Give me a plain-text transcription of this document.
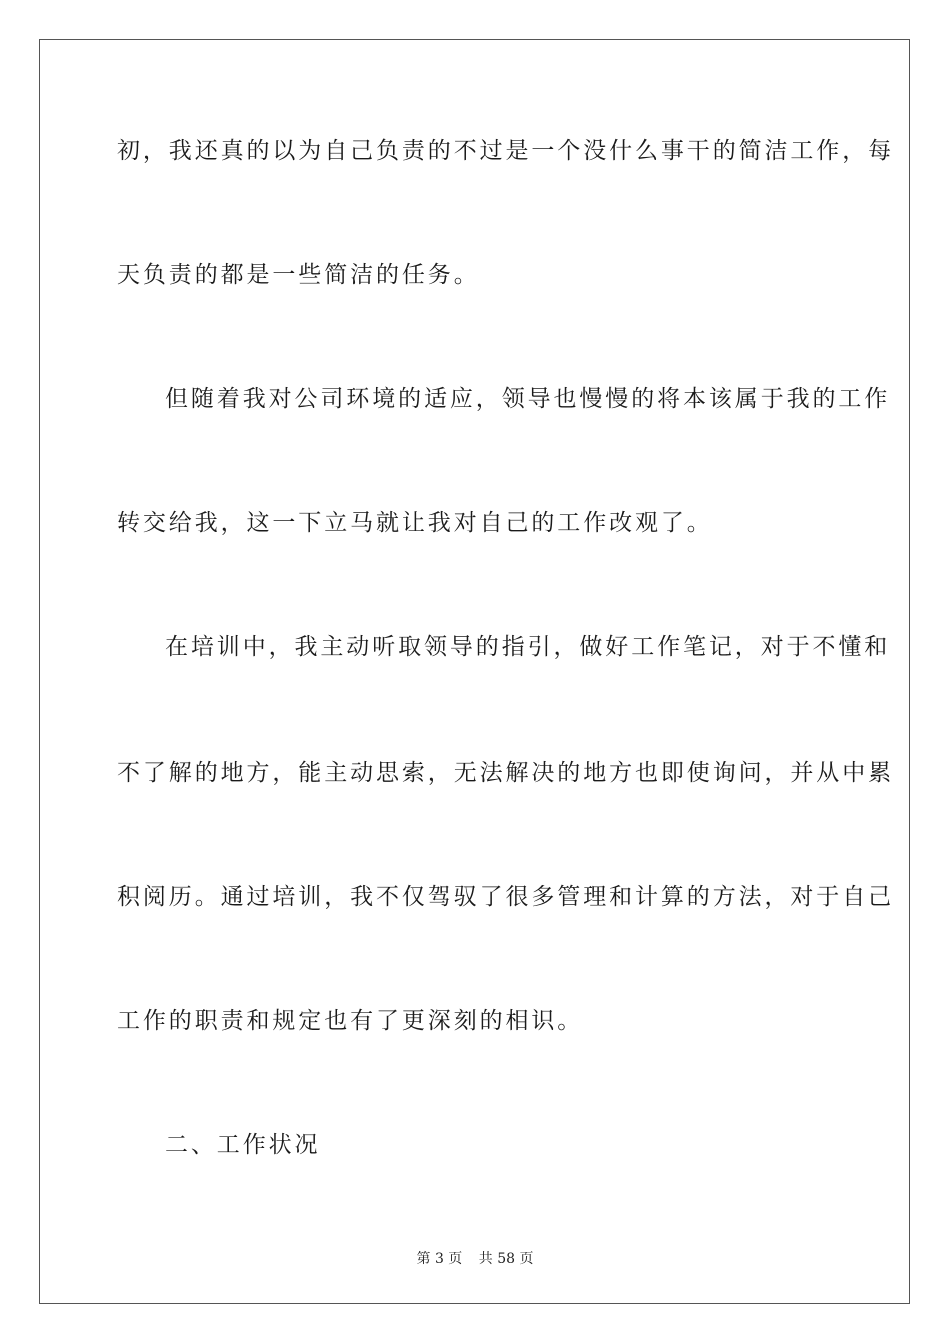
初，我还真的以为自己负责的不过是一个没什么事干的简洁工作，每
天负责的都是一些简洁的任务。
但随着我对公司环境的适应，领导也慢慢的将本该属于我的工作
转交给我，这一下立马就让我对自己的工作改观了。
在培训中，我主动听取领导的指引，做好工作笔记，对于不懂和
不了解的地方，能主动思索，无法解决的地方也即使询问，并从中累
积阅历。通过培训，我不仅驾驭了很多管理和计算的方法，对于自己
工作的职责和规定也有了更深刻的相识。
二、工作状况
第 3 页 共 58 页
